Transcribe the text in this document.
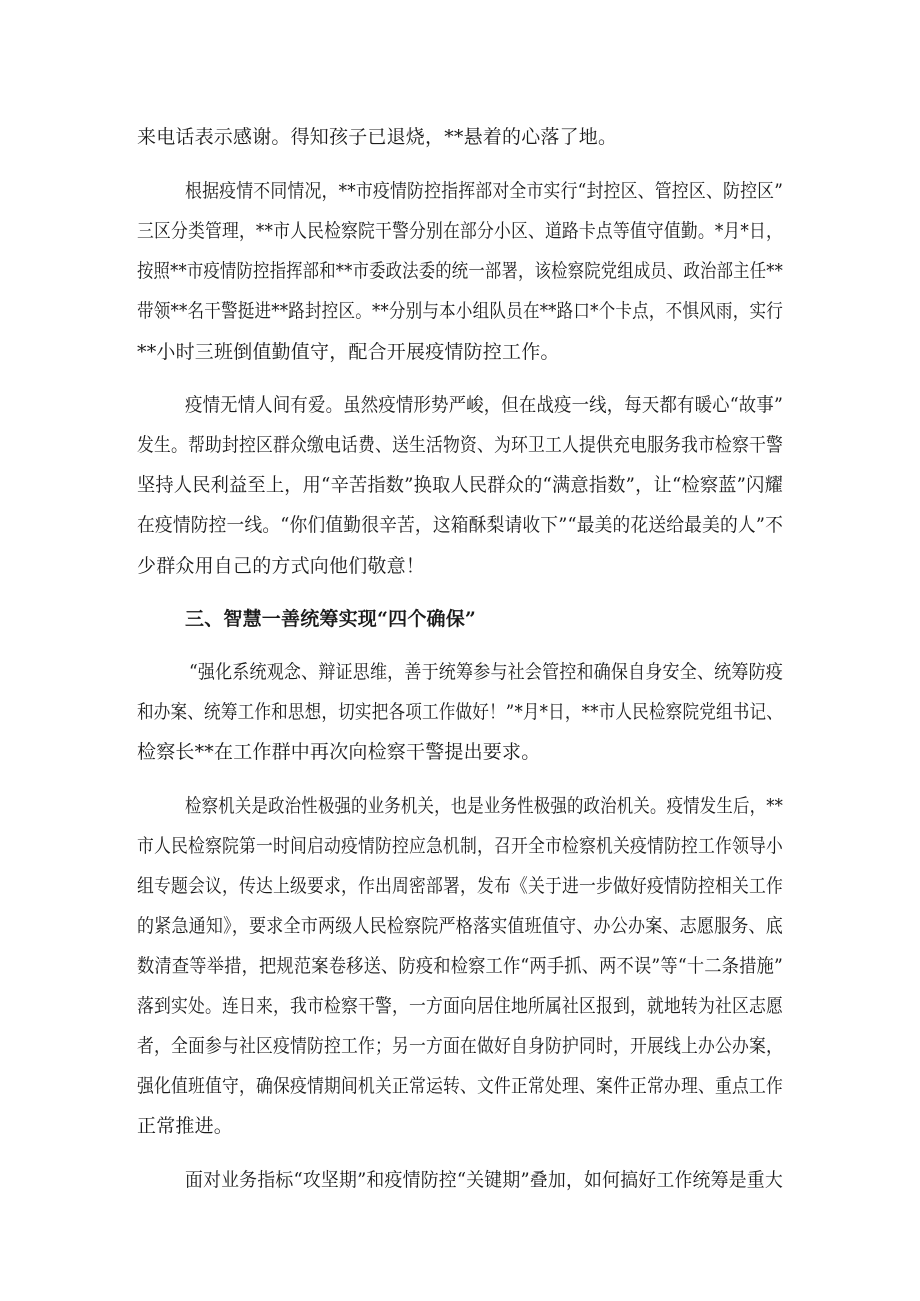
来电话表示感谢。得知孩子已退烧，**悬着的心落了地。
根据疫情不同情况，**市疫情防控指挥部对全市实行“封控区、管控区、防控区”
三区分类管理，**市人民检察院干警分别在部分小区、道路卡点等值守值勤。*月*日，
按照**市疫情防控指挥部和**市委政法委的统一部署，该检察院党组成员、政治部主任**
带领**名干警挺进**路封控区。**分别与本小组队员在**路口*个卡点，不惧风雨，实行
**小时三班倒值勤值守，配合开展疫情防控工作。
疫情无情人间有爱。虽然疫情形势严峻，但在战疫一线，每天都有暖心“故事”
发生。帮助封控区群众缴电话费、送生活物资、为环卫工人提供充电服务我市检察干警
坚持人民利益至上，用“辛苦指数”换取人民群众的“满意指数”，让“检察蓝”闪耀
在疫情防控一线。“你们值勤很辛苦，这箱酥梨请收下”“最美的花送给最美的人”不
少群众用自己的方式向他们敬意！
三、智慧一善统筹实现“四个确保”
“强化系统观念、辩证思维，善于统筹参与社会管控和确保自身安全、统筹防疫
和办案、统筹工作和思想，切实把各项工作做好！”*月*日，**市人民检察院党组书记、
检察长**在工作群中再次向检察干警提出要求。
检察机关是政治性极强的业务机关，也是业务性极强的政治机关。疫情发生后，**
市人民检察院第一时间启动疫情防控应急机制，召开全市检察机关疫情防控工作领导小
组专题会议，传达上级要求，作出周密部署，发布《关于进一步做好疫情防控相关工作
的紧急通知》，要求全市两级人民检察院严格落实值班值守、办公办案、志愿服务、底
数清查等举措，把规范案卷移送、防疫和检察工作“两手抓、两不误”等“十二条措施”
落到实处。连日来，我市检察干警，一方面向居住地所属社区报到，就地转为社区志愿
者，全面参与社区疫情防控工作；另一方面在做好自身防护同时，开展线上办公办案，
强化值班值守，确保疫情期间机关正常运转、文件正常处理、案件正常办理、重点工作
正常推进。
面对业务指标“攻坚期”和疫情防控“关键期”叠加，如何搞好工作统筹是重大
